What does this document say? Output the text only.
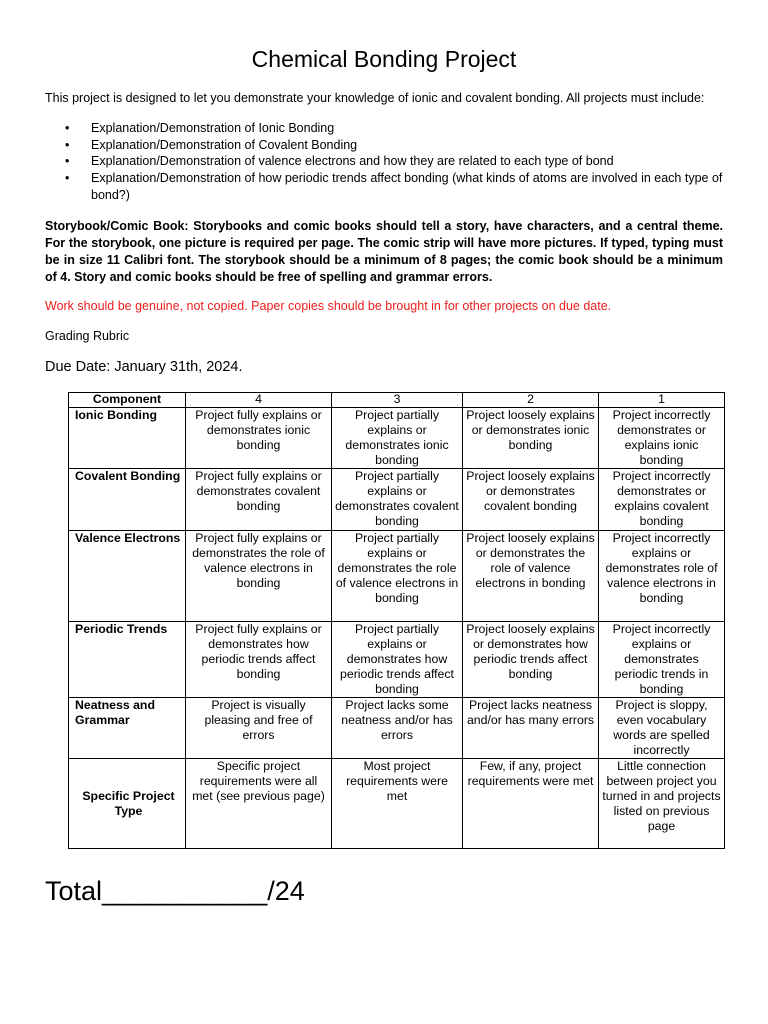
Chemical Bonding Project
This project is designed to let you demonstrate your knowledge of ionic and covalent bonding. All projects must include:
• Explanation/Demonstration of Ionic Bonding
• Explanation/Demonstration of Covalent Bonding
• Explanation/Demonstration of valence electrons and how they are related to each type of bond
• Explanation/Demonstration of how periodic trends affect bonding (what kinds of atoms are involved in each type of bond?)
Storybook/Comic Book: Storybooks and comic books should tell a story, have characters, and a central theme. For the storybook, one picture is required per page. The comic strip will have more pictures. If typed, typing must be in size 11 Calibri font. The storybook should be a minimum of 8 pages; the comic book should be a minimum of 4. Story and comic books should be free of spelling and grammar errors.
Work should be genuine, not copied. Paper copies should be brought in for other projects on due date.
Grading Rubric
Due Date: January 31th, 2024.
Component	4	3	2	1
Ionic Bonding	Project fully explains or demonstrates ionic bonding	Project partially explains or demonstrates ionic bonding	Project loosely explains or demonstrates ionic bonding	Project incorrectly demonstrates or explains ionic bonding
Covalent Bonding	Project fully explains or demonstrates covalent bonding	Project partially explains or demonstrates covalent bonding	Project loosely explains or demonstrates covalent bonding	Project incorrectly demonstrates or explains covalent bonding
Valence Electrons	Project fully explains or demonstrates the role of valence electrons in bonding	Project partially explains or demonstrates the role of valence electrons in bonding	Project loosely explains or demonstrates the role of valence electrons in bonding	Project incorrectly explains or demonstrates role of valence electrons in bonding
Periodic Trends	Project fully explains or demonstrates how periodic trends affect bonding	Project partially explains or demonstrates how periodic trends affect bonding	Project loosely explains or demonstrates how periodic trends affect bonding	Project incorrectly explains or demonstrates periodic trends in bonding
Neatness and Grammar	Project is visually pleasing and free of errors	Project lacks some neatness and/or has errors	Project lacks neatness and/or has many errors	Project is sloppy, even vocabulary words are spelled incorrectly
Specific Project Type	Specific project requirements were all met (see previous page)	Most project requirements were met	Few, if any, project requirements were met	Little connection between project you turned in and projects listed on previous page
Total___________/24
